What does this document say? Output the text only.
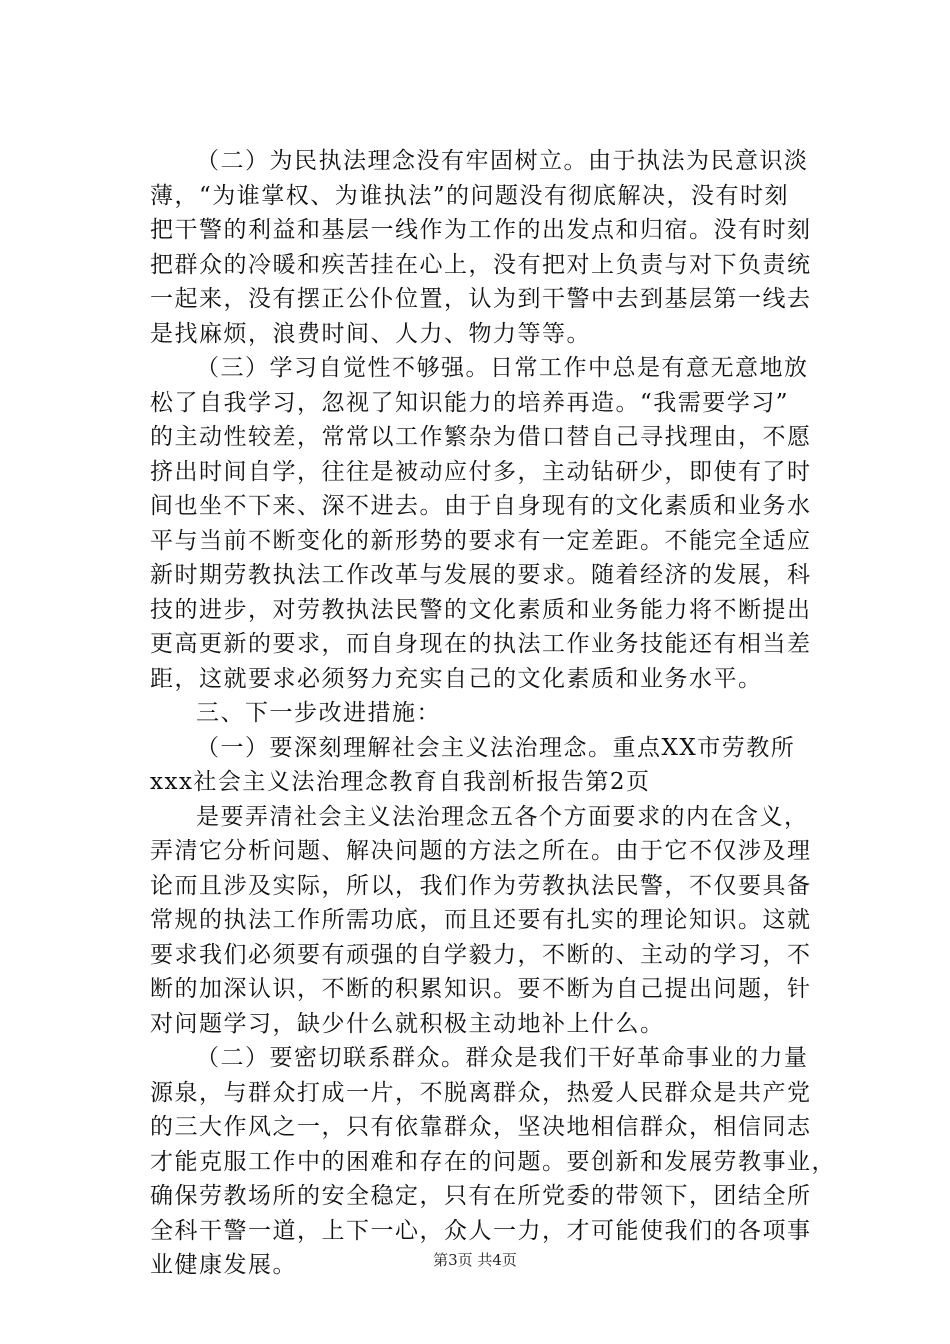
（二）为民执法理念没有牢固树立。由于执法为民意识淡
薄，“为谁掌权、为谁执法”的问题没有彻底解决，没有时刻
把干警的利益和基层一线作为工作的出发点和归宿。没有时刻
把群众的冷暖和疾苦挂在心上，没有把对上负责与对下负责统
一起来，没有摆正公仆位置，认为到干警中去到基层第一线去
是找麻烦，浪费时间、人力、物力等等。
（三）学习自觉性不够强。日常工作中总是有意无意地放
松了自我学习，忽视了知识能力的培养再造。“我需要学习”
的主动性较差，常常以工作繁杂为借口替自己寻找理由，不愿
挤出时间自学，往往是被动应付多，主动钻研少，即使有了时
间也坐不下来、深不进去。由于自身现有的文化素质和业务水
平与当前不断变化的新形势的要求有一定差距。不能完全适应
新时期劳教执法工作改革与发展的要求。随着经济的发展，科
技的进步，对劳教执法民警的文化素质和业务能力将不断提出
更高更新的要求，而自身现在的执法工作业务技能还有相当差
距，这就要求必须努力充实自己的文化素质和业务水平。
三、下一步改进措施：
（一）要深刻理解社会主义法治理念。重点XX市劳教所
xxx社会主义法治理念教育自我剖析报告第2页
是要弄清社会主义法治理念五各个方面要求的内在含义，
弄清它分析问题、解决问题的方法之所在。由于它不仅涉及理
论而且涉及实际，所以，我们作为劳教执法民警，不仅要具备
常规的执法工作所需功底，而且还要有扎实的理论知识。这就
要求我们必须要有顽强的自学毅力，不断的、主动的学习，不
断的加深认识，不断的积累知识。要不断为自己提出问题，针
对问题学习，缺少什么就积极主动地补上什么。
（二）要密切联系群众。群众是我们干好革命事业的力量
源泉，与群众打成一片，不脱离群众，热爱人民群众是共产党
的三大作风之一，只有依靠群众，坚决地相信群众，相信同志
才能克服工作中的困难和存在的问题。要创新和发展劳教事业，
确保劳教场所的安全稳定，只有在所党委的带领下，团结全所
全科干警一道，上下一心，众人一力，才可能使我们的各项事
业健康发展。	第3页 共4页
